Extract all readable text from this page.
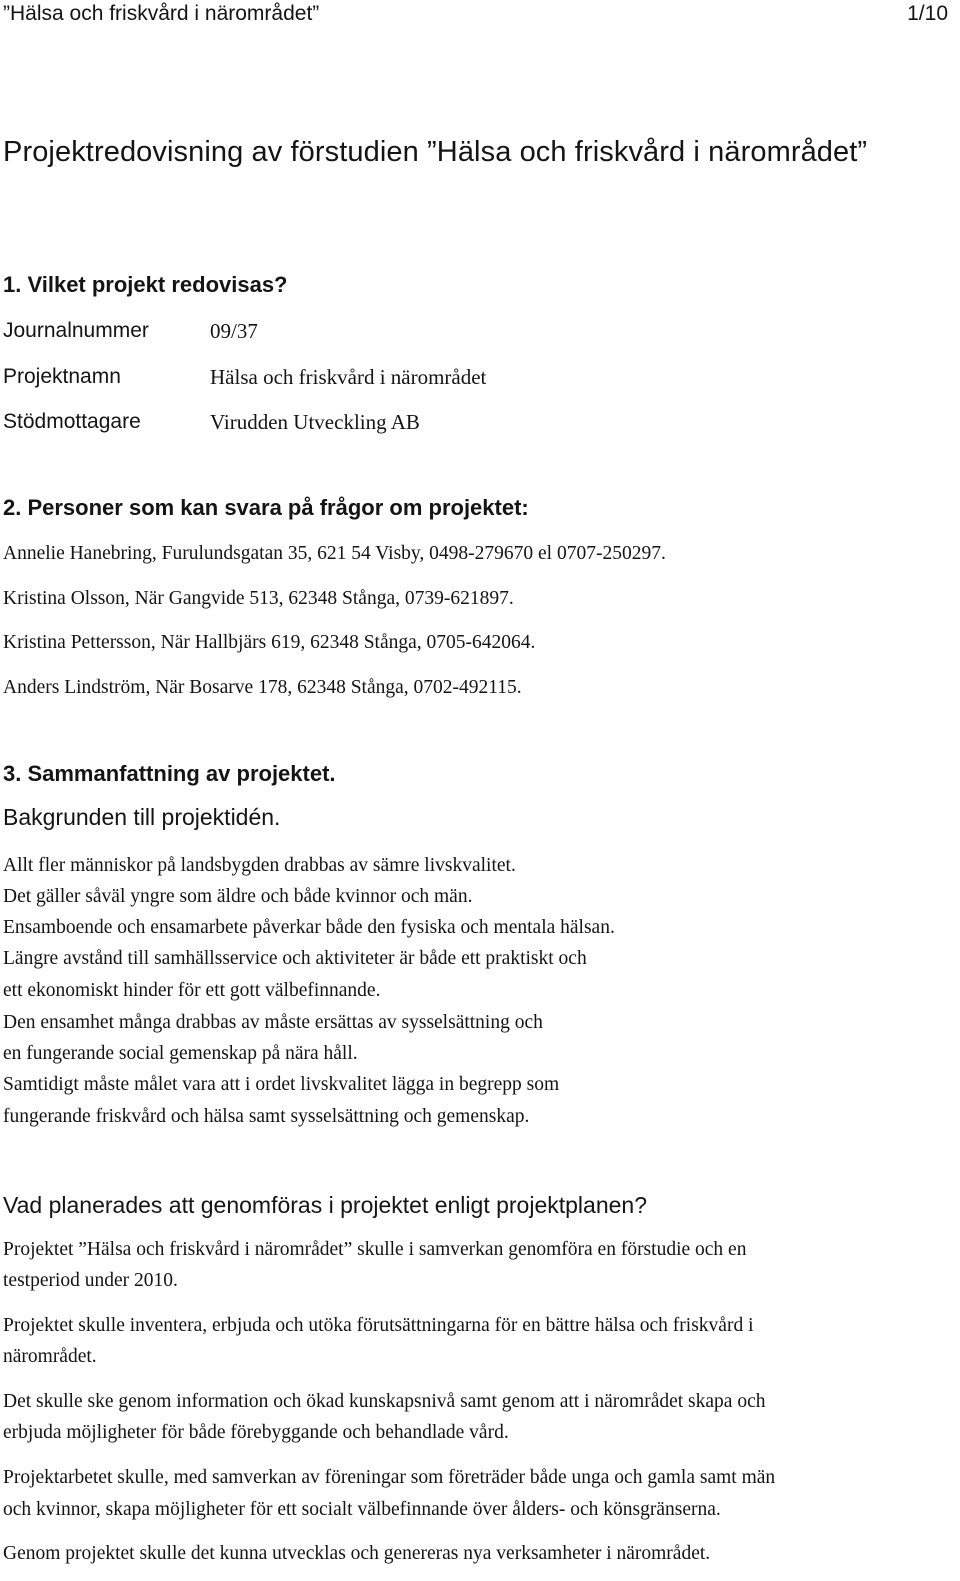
”Hälsa och friskvård i närområdet”	1/10
Projektredovisning av förstudien ”Hälsa och friskvård i närområdet”
1. Vilket projekt redovisas?
Journalnummer	09/37
Projektnamn	Hälsa och friskvård i närområdet
Stödmottagare	Virudden Utveckling AB
2. Personer som kan svara på frågor om projektet:
Annelie Hanebring, Furulundsgatan 35, 621 54 Visby, 0498-279670 el 0707-250297.
Kristina Olsson, När Gangvide 513, 62348 Stånga, 0739-621897.
Kristina Pettersson, När Hallbjärs 619, 62348 Stånga, 0705-642064.
Anders Lindström, När Bosarve 178, 62348 Stånga, 0702-492115.
3. Sammanfattning av projektet.
Bakgrunden till projektidén.
Allt fler människor på landsbygden drabbas av sämre livskvalitet.
Det gäller såväl yngre som äldre och både kvinnor och män.
Ensamboende och ensamarbete påverkar både den fysiska och mentala hälsan.
Längre avstånd till samhällsservice och aktiviteter är både ett praktiskt och
ett ekonomiskt hinder för ett gott välbefinnande.
Den ensamhet många drabbas av måste ersättas av sysselsättning och
en fungerande social gemenskap på nära håll.
Samtidigt måste målet vara att i ordet livskvalitet lägga in begrepp som
fungerande friskvård och hälsa samt sysselsättning och gemenskap.
Vad planerades att genomföras i projektet enligt projektplanen?
Projektet ”Hälsa och friskvård i närområdet” skulle i samverkan genomföra en förstudie och en
testperiod under 2010.
Projektet skulle inventera, erbjuda och utöka förutsättningarna för en bättre hälsa och friskvård i
närområdet.
Det skulle ske genom information och ökad kunskapsnivå samt genom att i närområdet skapa och
erbjuda möjligheter för både förebyggande och behandlade vård.
Projektarbetet skulle, med samverkan av föreningar som företräder både unga och gamla samt män
och kvinnor, skapa möjligheter för ett socialt välbefinnande över ålders- och könsgränserna.
Genom projektet skulle det kunna utvecklas och genereras nya verksamheter i närområdet.
